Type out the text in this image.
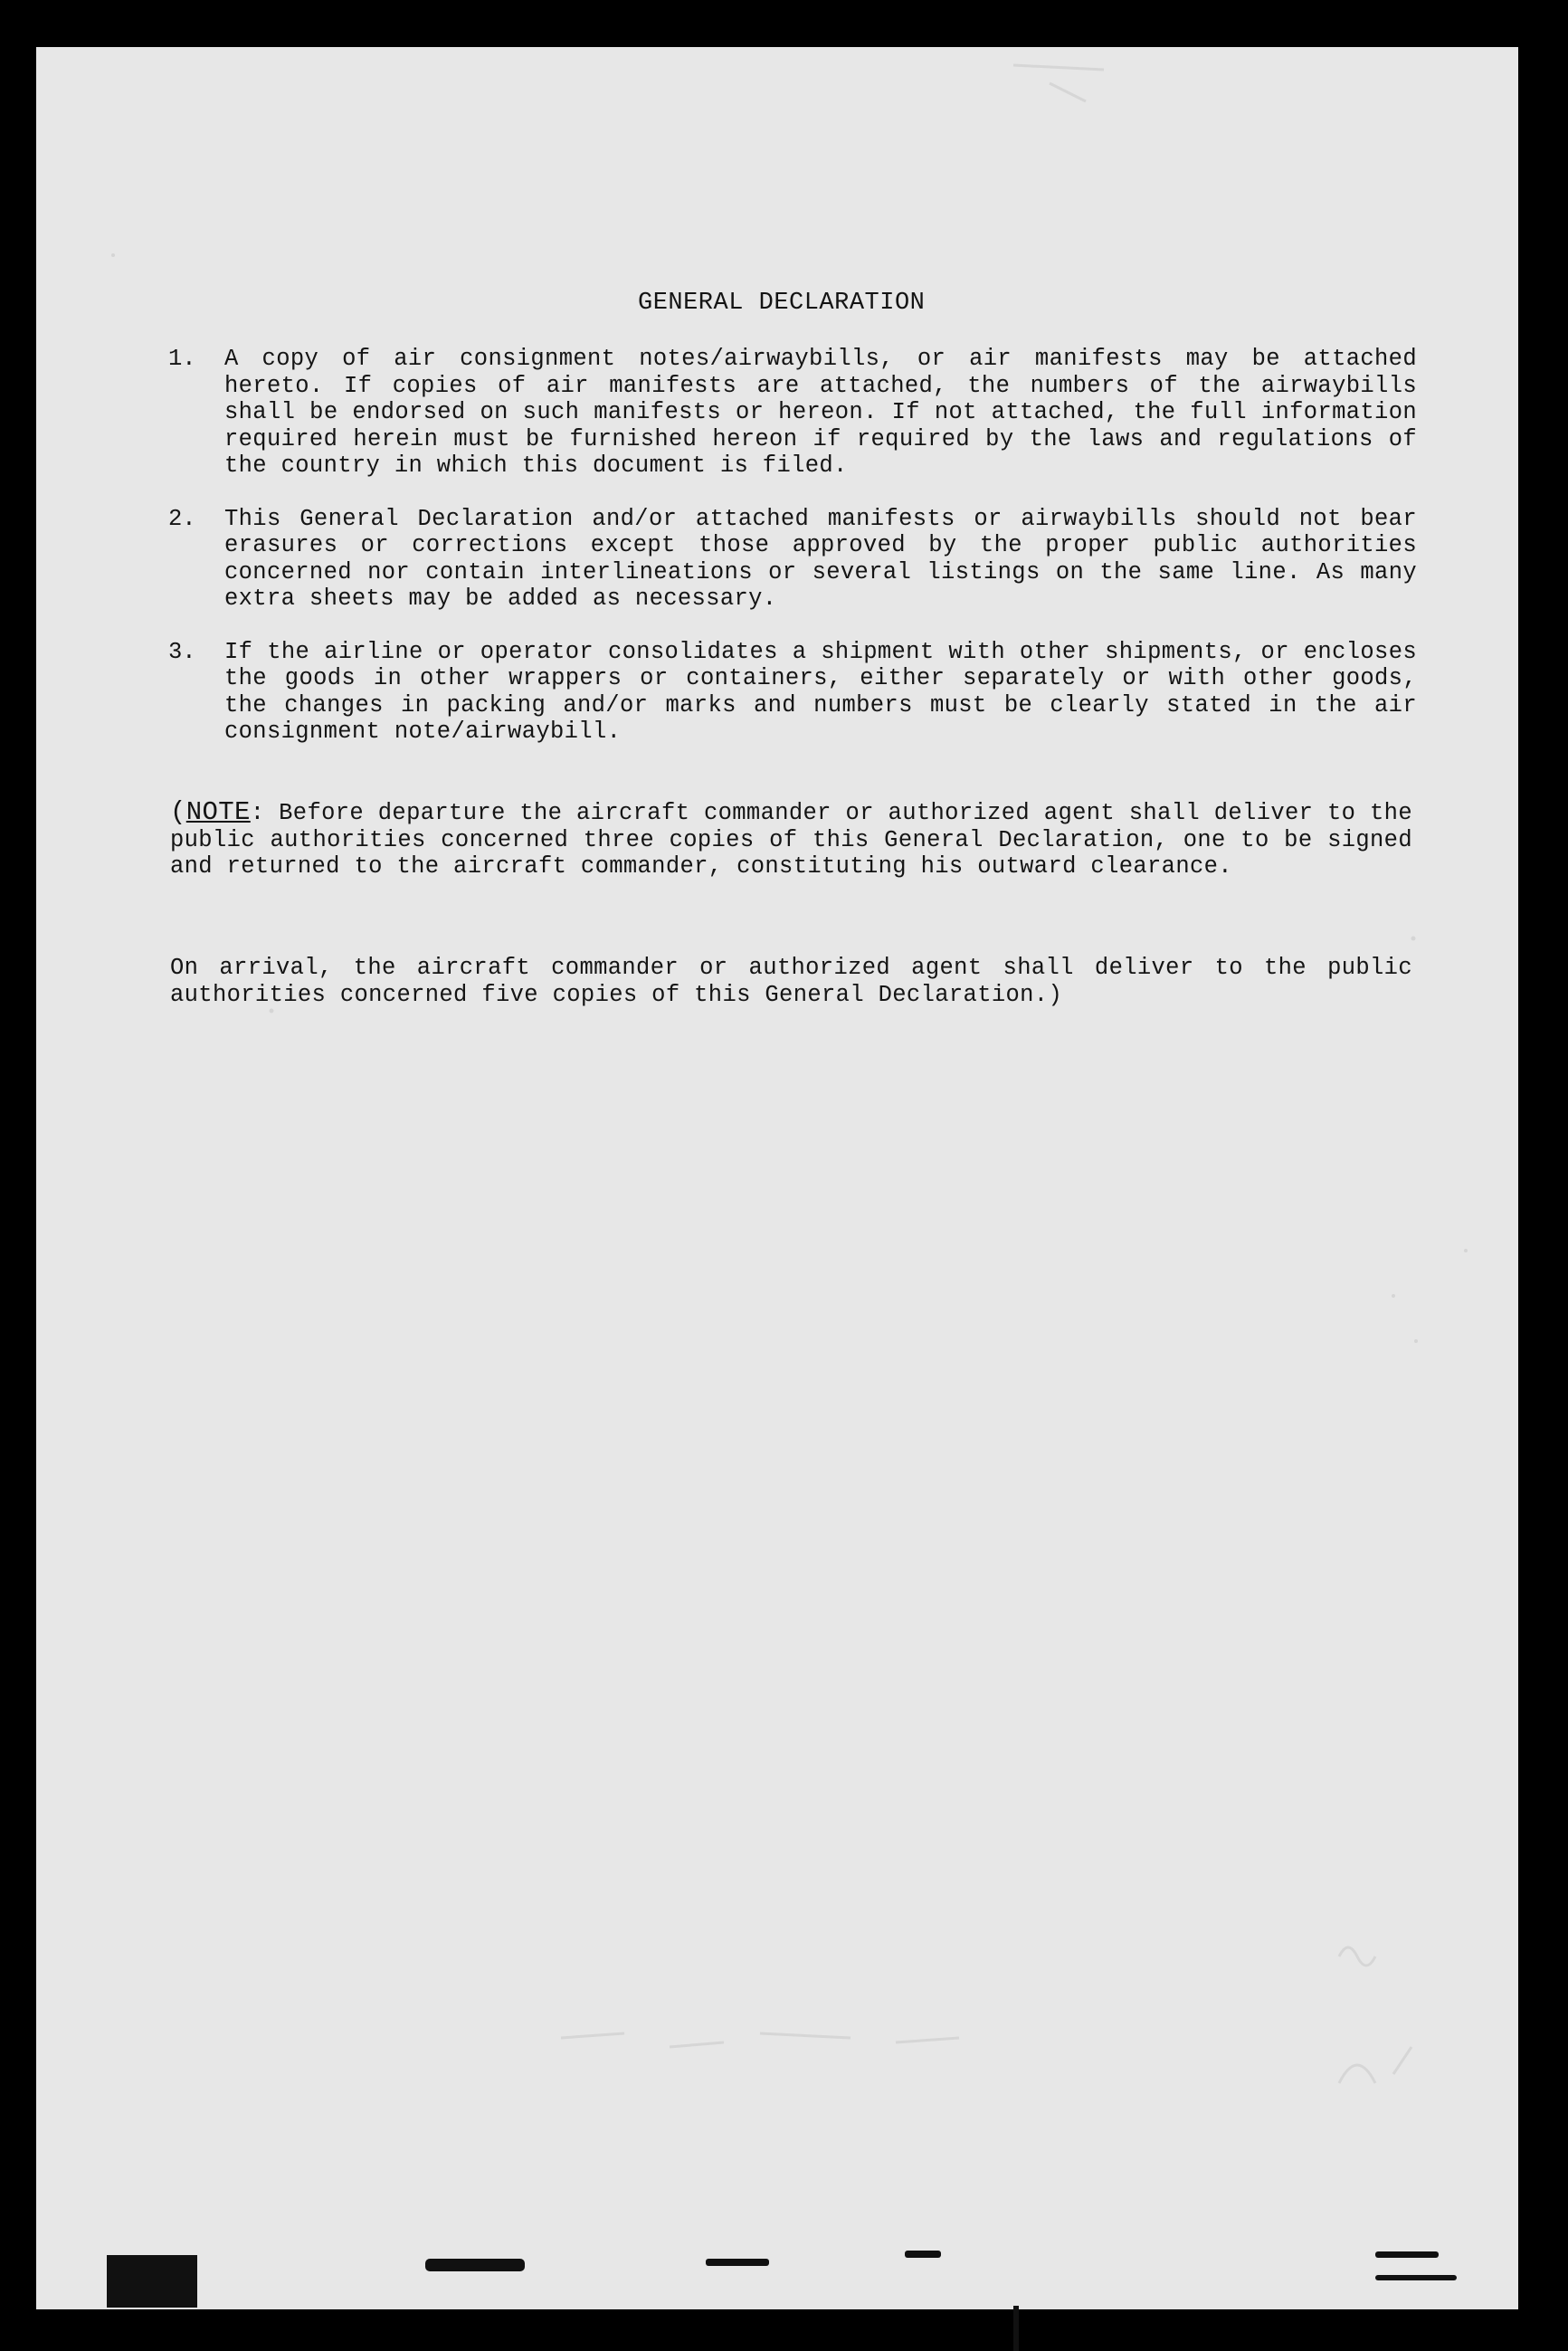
GENERAL DECLARATION
1.	A copy of air consignment notes/airwaybills, or air manifests may be attached hereto. If copies of air manifests are attached, the numbers of the airwaybills shall be endorsed on such manifests or hereon. If not attached, the full information required herein must be furnished hereon if required by the laws and regulations of the country in which this document is filed.
2.	This General Declaration and/or attached manifests or airwaybills should not bear erasures or corrections except those approved by the proper public authorities concerned nor contain interlineations or several listings on the same line. As many extra sheets may be added as necessary.
3.	If the airline or operator consolidates a shipment with other shipments, or encloses the goods in other wrappers or containers, either separately or with other goods, the changes in packing and/or marks and numbers must be clearly stated in the air consignment note/airwaybill.

(NOTE: Before departure the aircraft commander or authorized agent shall deliver to the public authorities concerned three copies of this General Declaration, one to be signed and returned to the aircraft commander, constituting his outward clearance.

On arrival, the aircraft commander or authorized agent shall deliver to the public authorities concerned five copies of this General Declaration.)
